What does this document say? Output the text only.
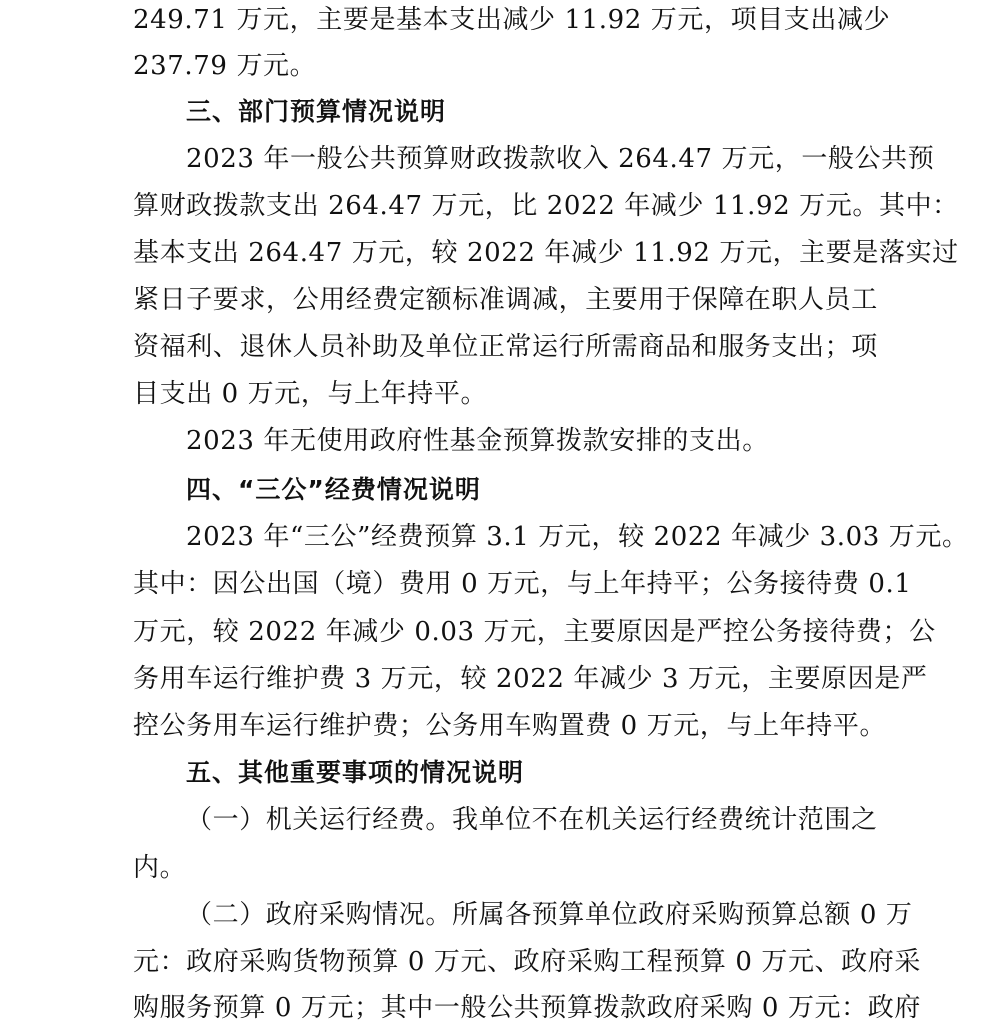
249.71 万元，主要是基本支出减少 11.92 万元，项目支出减少
237.79 万元。
三、部门预算情况说明
2023 年一般公共预算财政拨款收入 264.47 万元，一般公共预
算财政拨款支出 264.47 万元，比 2022 年减少 11.92 万元。其中：
基本支出 264.47 万元，较 2022 年减少 11.92 万元，主要是落实过
紧日子要求，公用经费定额标准调减，主要用于保障在职人员工
资福利、退休人员补助及单位正常运行所需商品和服务支出；项
目支出 0 万元，与上年持平。
2023 年无使用政府性基金预算拨款安排的支出。
四、“三公”经费情况说明
2023 年“三公”经费预算 3.1 万元，较 2022 年减少 3.03 万元。
其中：因公出国（境）费用 0 万元，与上年持平；公务接待费 0.1
万元，较 2022 年减少 0.03 万元，主要原因是严控公务接待费；公
务用车运行维护费 3 万元，较 2022 年减少 3 万元，主要原因是严
控公务用车运行维护费；公务用车购置费 0 万元，与上年持平。
五、其他重要事项的情况说明
（一）机关运行经费。我单位不在机关运行经费统计范围之
内。
（二）政府采购情况。所属各预算单位政府采购预算总额 0 万
元：政府采购货物预算 0 万元、政府采购工程预算 0 万元、政府采
购服务预算 0 万元；其中一般公共预算拨款政府采购 0 万元：政府
